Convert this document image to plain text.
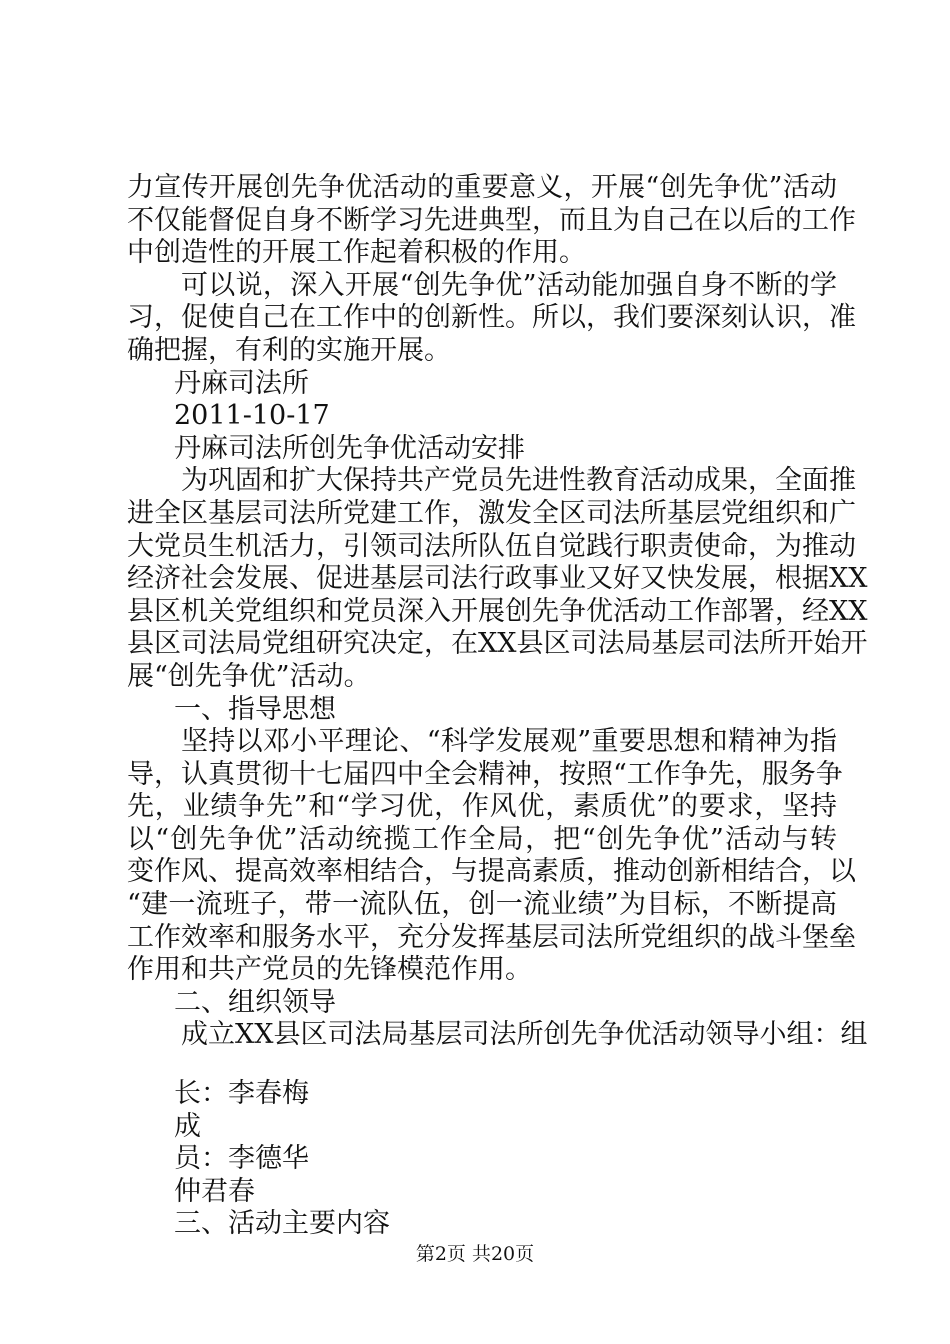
力宣传开展创先争优活动的重要意义，开展“创先争优”活动
不仅能督促自身不断学习先进典型，而且为自己在以后的工作
中创造性的开展工作起着积极的作用。
可以说，深入开展“创先争优”活动能加强自身不断的学
习，促使自己在工作中的创新性。所以，我们要深刻认识，准
确把握，有利的实施开展。
丹麻司法所
2011-10-17
丹麻司法所创先争优活动安排
为巩固和扩大保持共产党员先进性教育活动成果，全面推
进全区基层司法所党建工作，激发全区司法所基层党组织和广
大党员生机活力，引领司法所队伍自觉践行职责使命，为推动
经济社会发展、促进基层司法行政事业又好又快发展，根据XX
县区机关党组织和党员深入开展创先争优活动工作部署，经XX
县区司法局党组研究决定，在XX县区司法局基层司法所开始开
展“创先争优”活动。
一、指导思想
坚持以邓小平理论、“科学发展观”重要思想和精神为指
导，认真贯彻十七届四中全会精神，按照“工作争先，服务争
先，业绩争先”和“学习优，作风优，素质优”的要求，坚持
以“创先争优”活动统揽工作全局，把“创先争优”活动与转
变作风、提高效率相结合，与提高素质，推动创新相结合，以
“建一流班子，带一流队伍，创一流业绩”为目标，不断提高
工作效率和服务水平，充分发挥基层司法所党组织的战斗堡垒
作用和共产党员的先锋模范作用。
二、组织领导
成立XX县区司法局基层司法所创先争优活动领导小组：组
长：李春梅
成
员：李德华
仲君春
三、活动主要内容
第2页 共20页
